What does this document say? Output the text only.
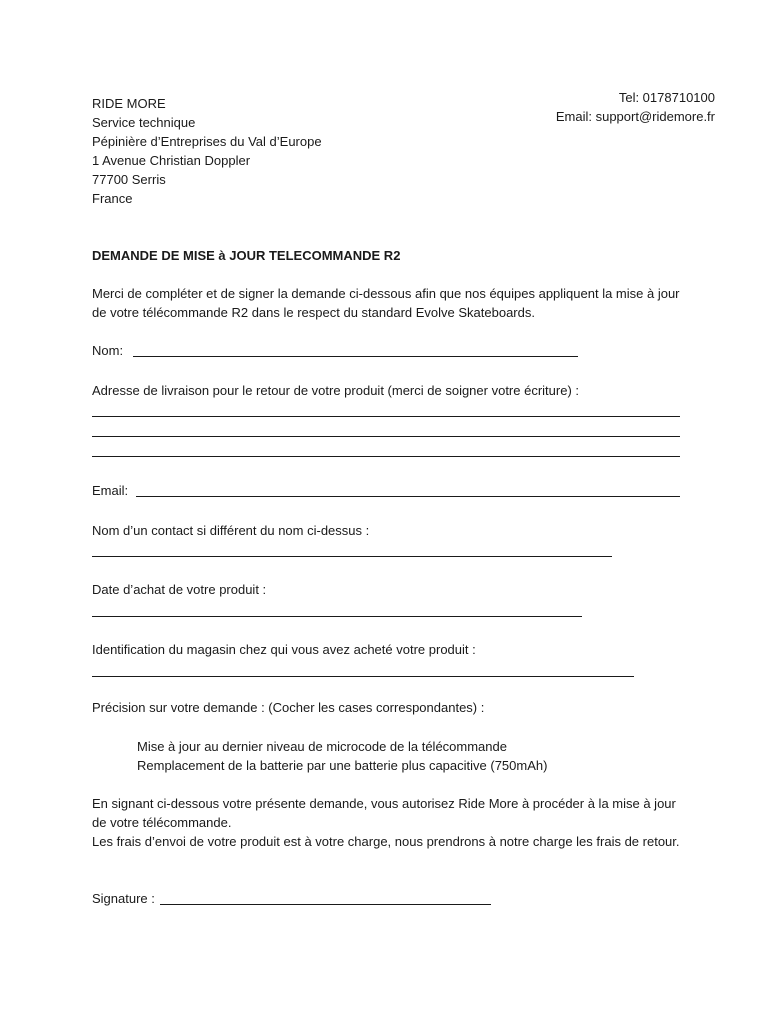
Tel: 0178710100
Email: support@ridemore.fr
RIDE MORE
Service technique
Pépinière d’Entreprises du Val d’Europe
1 Avenue Christian Doppler
77700 Serris
France
DEMANDE DE MISE à JOUR TELECOMMANDE R2
Merci de compléter et de signer la demande ci-dessous afin que nos équipes appliquent la mise à jour de votre télécommande R2 dans le respect du standard Evolve Skateboards.
Nom:
Adresse de livraison pour le retour de votre produit (merci de soigner votre écriture) :
Email:
Nom d’un contact si différent du nom ci-dessus :
Date d’achat de votre produit :
Identification du magasin chez qui vous avez acheté votre produit :
Précision sur votre demande : (Cocher les cases correspondantes) :
Mise à jour au dernier niveau de microcode de la télécommande
Remplacement de la batterie par une batterie plus capacitive (750mAh)
En signant ci-dessous votre présente demande, vous autorisez Ride More à procéder à la mise à jour de votre télécommande.
Les frais d’envoi de votre produit est à votre charge, nous prendrons à notre charge les frais de retour.
Signature :
